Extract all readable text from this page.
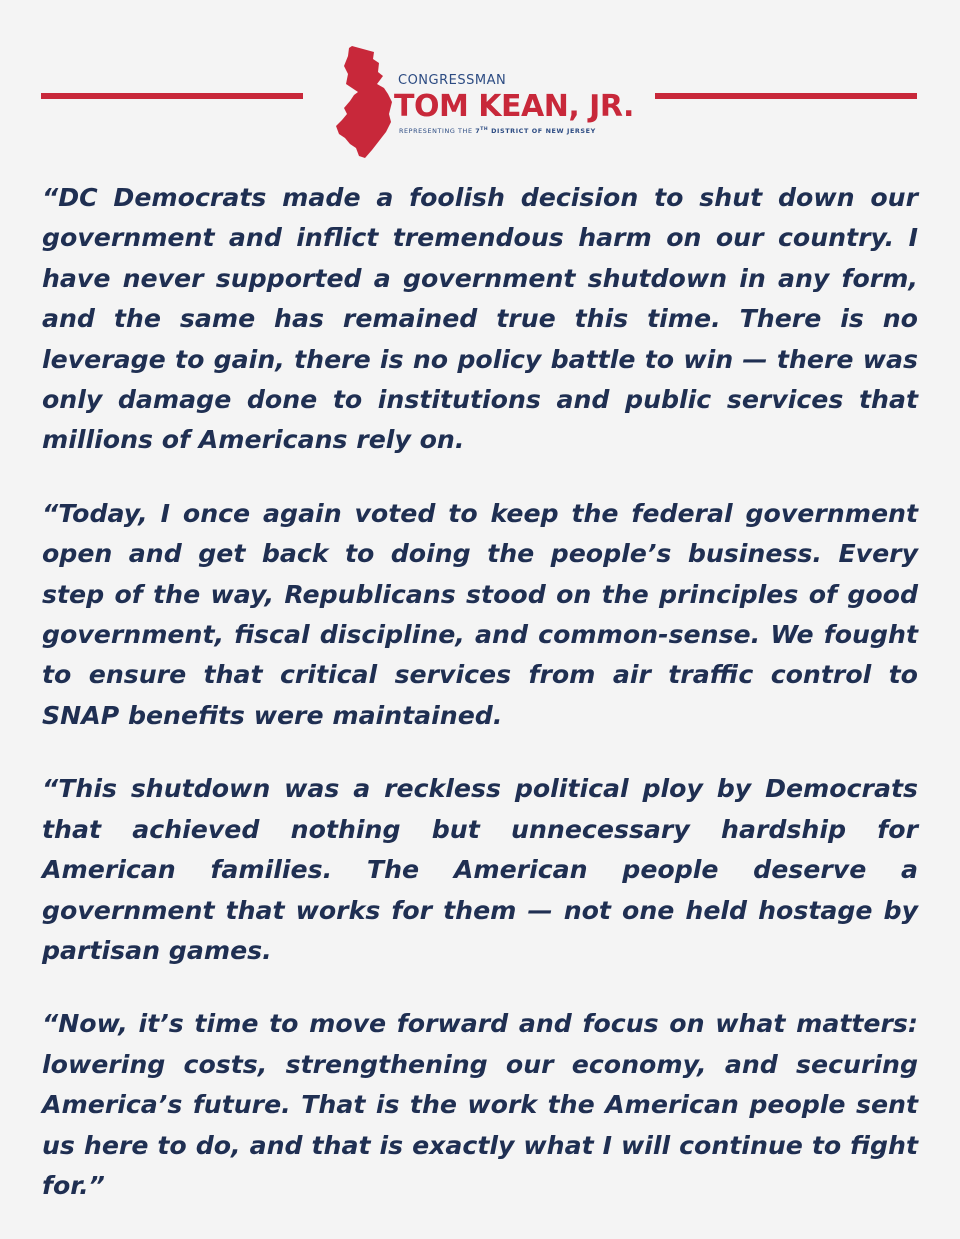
CONGRESSMAN
TOM KEAN, JR.
REPRESENTING THE 7TH DISTRICT OF NEW JERSEY

“DC Democrats made a foolish decision to shut down our government and inflict tremendous harm on our country. I have never supported a government shutdown in any form, and the same has remained true this time. There is no leverage to gain, there is no policy battle to win — there was only damage done to institutions and public services that millions of Americans rely on.

“Today, I once again voted to keep the federal government open and get back to doing the people’s business. Every step of the way, Republicans stood on the principles of good government, fiscal discipline, and common-sense. We fought to ensure that critical services from air traffic control to SNAP benefits were maintained.

“This shutdown was a reckless political ploy by Democrats that achieved nothing but unnecessary hardship for American families. The American people deserve a government that works for them — not one held hostage by partisan games.

“Now, it’s time to move forward and focus on what matters: lowering costs, strengthening our economy, and securing America’s future. That is the work the American people sent us here to do, and that is exactly what I will continue to fight for.”
